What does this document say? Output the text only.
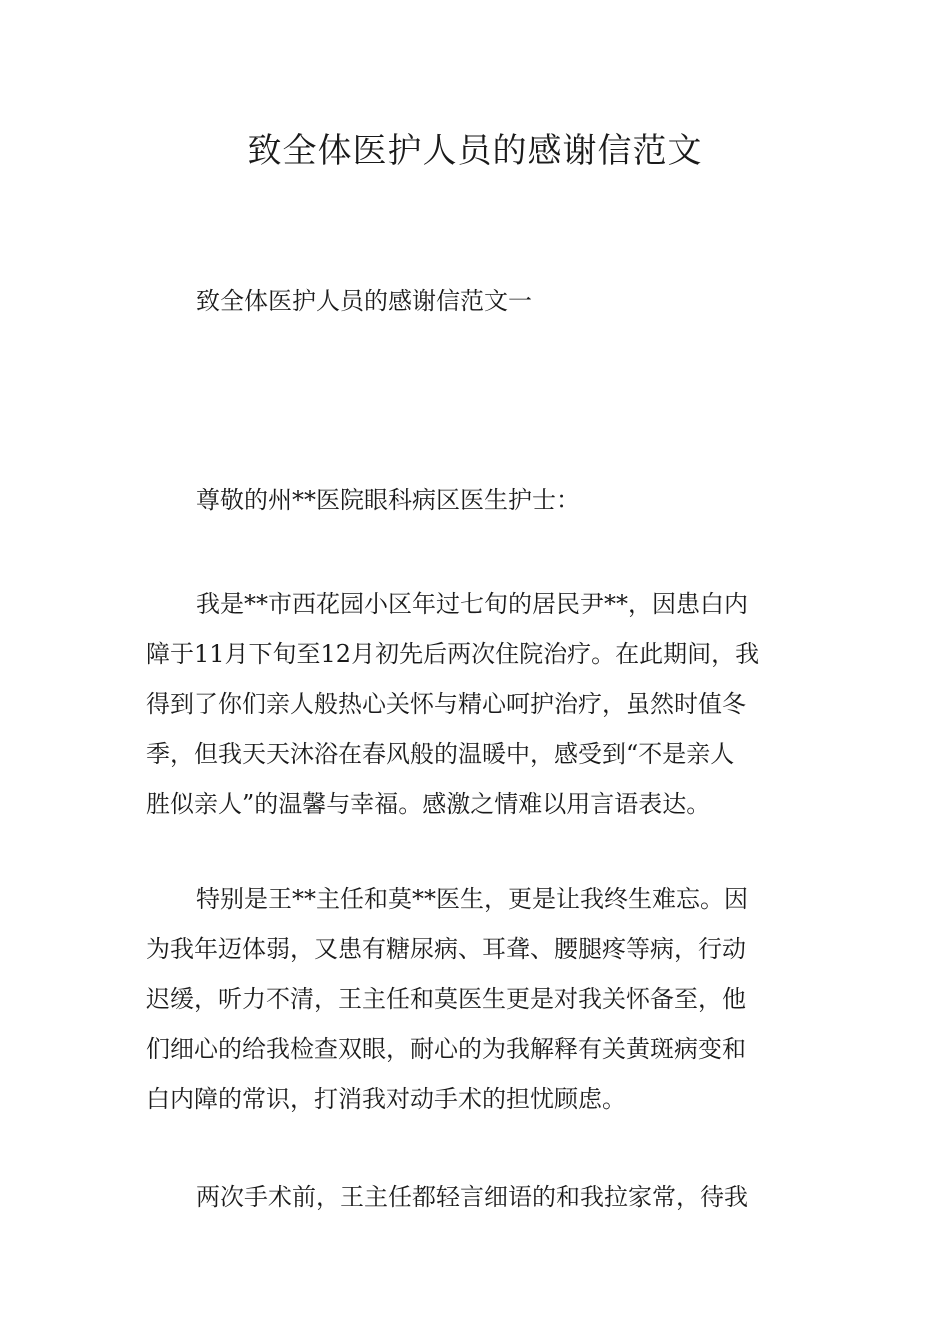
致全体医护人员的感谢信范文

致全体医护人员的感谢信范文一

尊敬的州**医院眼科病区医生护士：

我是**市西花园小区年过七旬的居民尹**，因患白内
障于11月下旬至12月初先后两次住院治疗。在此期间，我
得到了你们亲人般热心关怀与精心呵护治疗，虽然时值冬
季，但我天天沐浴在春风般的温暖中，感受到“不是亲人
胜似亲人”的温馨与幸福。感激之情难以用言语表达。
特别是王**主任和莫**医生，更是让我终生难忘。因
为我年迈体弱，又患有糖尿病、耳聋、腰腿疼等病，行动
迟缓，听力不清，王主任和莫医生更是对我关怀备至，他
们细心的给我检查双眼，耐心的为我解释有关黄斑病变和
白内障的常识，打消我对动手术的担忧顾虑。
两次手术前，王主任都轻言细语的和我拉家常，待我
